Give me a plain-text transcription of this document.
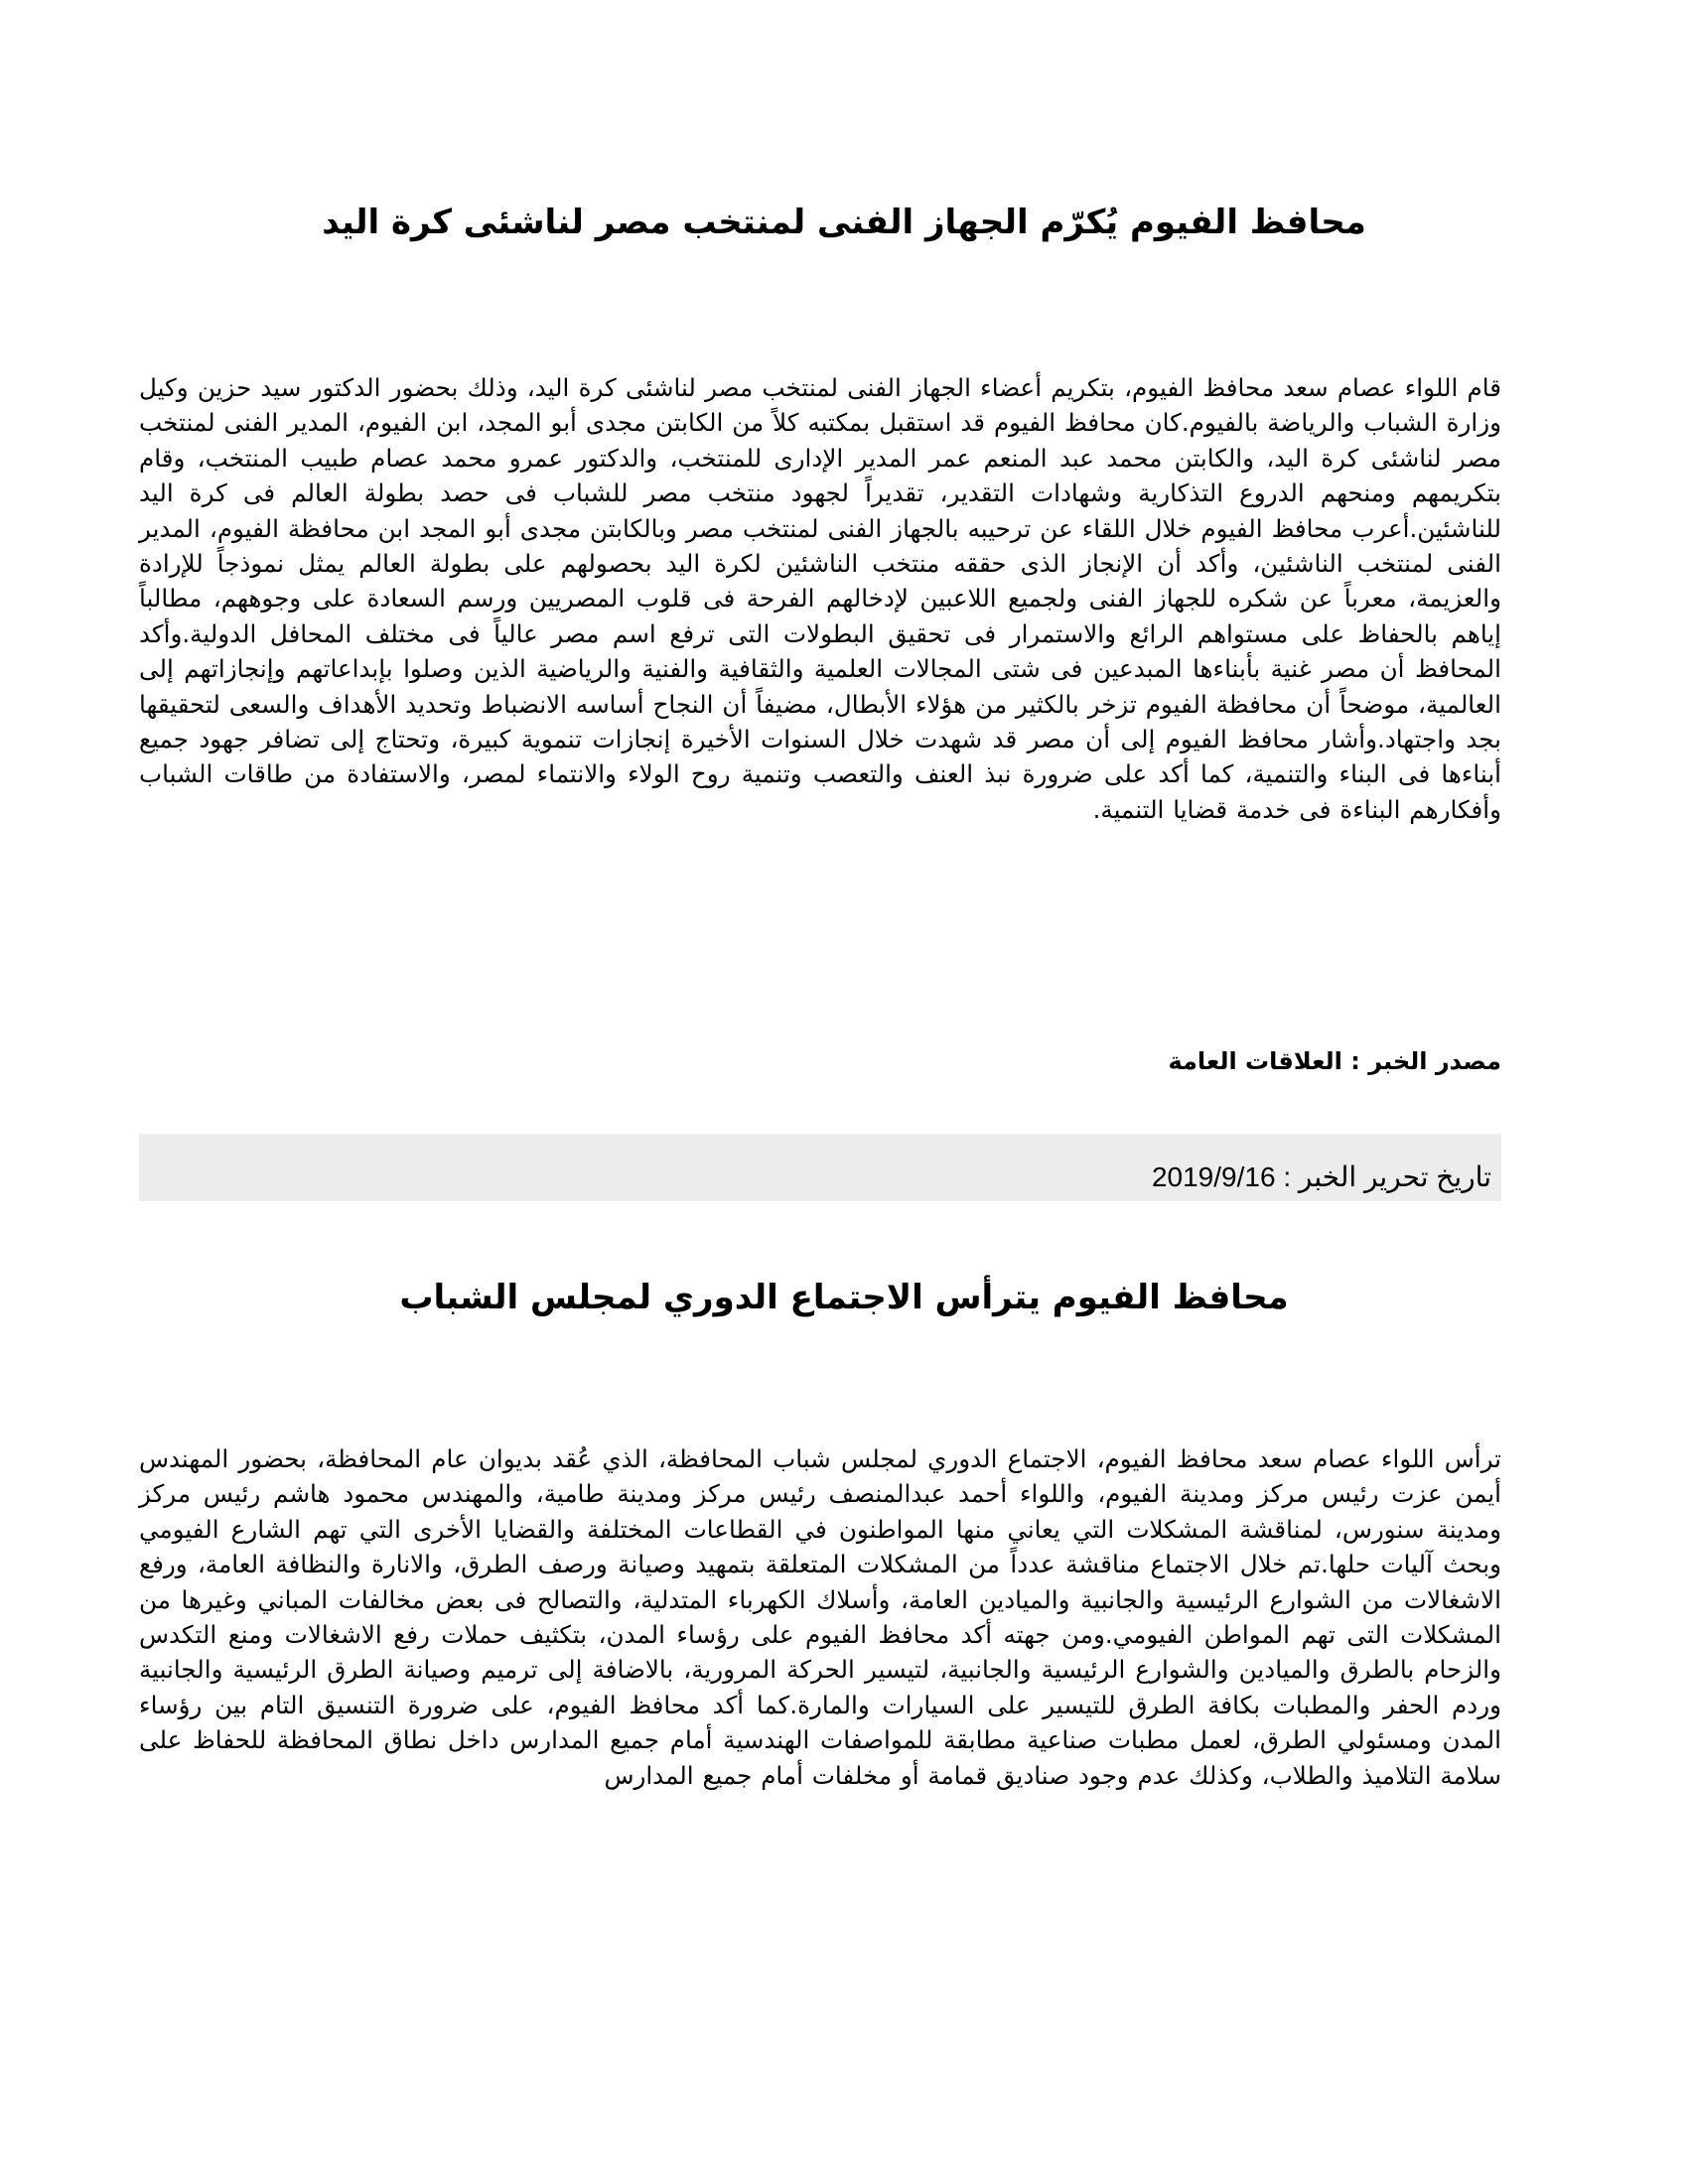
محافظ الفيوم يُكرّم الجهاز الفنى لمنتخب مصر لناشئى كرة اليد

قام اللواء عصام سعد محافظ الفيوم، بتكريم أعضاء الجهاز الفنى لمنتخب مصر لناشئى كرة اليد، وذلك بحضور الدكتور سيد حزين وكيل وزارة الشباب والرياضة بالفيوم.كان محافظ الفيوم قد استقبل بمكتبه كلاً من الكابتن مجدى أبو المجد، ابن الفيوم، المدير الفنى لمنتخب مصر لناشئى كرة اليد، والكابتن محمد عبد المنعم عمر المدير الإدارى للمنتخب، والدكتور عمرو محمد عصام طبيب المنتخب، وقام بتكريمهم ومنحهم الدروع التذكارية وشهادات التقدير، تقديراً لجهود منتخب مصر للشباب فى حصد بطولة العالم فى كرة اليد للناشئين.أعرب محافظ الفيوم خلال اللقاء عن ترحيبه بالجهاز الفنى لمنتخب مصر وبالكابتن مجدى أبو المجد ابن محافظة الفيوم، المدير الفنى لمنتخب الناشئين، وأكد أن الإنجاز الذى حققه منتخب الناشئين لكرة اليد بحصولهم على بطولة العالم يمثل نموذجاً للإرادة والعزيمة، معرباً عن شكره للجهاز الفنى ولجميع اللاعبين لإدخالهم الفرحة فى قلوب المصريين ورسم السعادة على وجوههم، مطالباً إياهم بالحفاظ على مستواهم الرائع والاستمرار فى تحقيق البطولات التى ترفع اسم مصر عالياً فى مختلف المحافل الدولية.وأكد المحافظ أن مصر غنية بأبناءها المبدعين فى شتى المجالات العلمية والثقافية والفنية والرياضية الذين وصلوا بإبداعاتهم وإنجازاتهم إلى العالمية، موضحاً أن محافظة الفيوم تزخر بالكثير من هؤلاء الأبطال، مضيفاً أن النجاح أساسه الانضباط وتحديد الأهداف والسعى لتحقيقها بجد واجتهاد.وأشار محافظ الفيوم إلى أن مصر قد شهدت خلال السنوات الأخيرة إنجازات تنموية كبيرة، وتحتاج إلى تضافر جهود جميع أبناءها فى البناء والتنمية، كما أكد على ضرورة نبذ العنف والتعصب وتنمية روح الولاء والانتماء لمصر، والاستفادة من طاقات الشباب وأفكارهم البناءة فى خدمة قضايا التنمية.

مصدر الخبر : العلاقات العامة

تاريخ تحرير الخبر : 2019/9/16
محافظ الفيوم يترأس الاجتماع الدوري لمجلس الشباب

ترأس اللواء عصام سعد محافظ الفيوم، الاجتماع الدوري لمجلس شباب المحافظة، الذي عُقد بديوان عام المحافظة، بحضور المهندس أيمن عزت رئيس مركز ومدينة الفيوم، واللواء أحمد عبدالمنصف رئيس مركز ومدينة طامية، والمهندس محمود هاشم رئيس مركز ومدينة سنورس، لمناقشة المشكلات التي يعاني منها المواطنون في القطاعات المختلفة والقضايا الأخرى التي تهم الشارع الفيومي وبحث آليات حلها.تم خلال الاجتماع مناقشة عدداً من المشكلات المتعلقة بتمهيد وصيانة ورصف الطرق، والانارة والنظافة العامة، ورفع الاشغالات من الشوارع الرئيسية والجانبية والميادين العامة، وأسلاك الكهرباء المتدلية، والتصالح فى بعض مخالفات المباني وغيرها من المشكلات التى تهم المواطن الفيومي.ومن جهته أكد محافظ الفيوم على رؤساء المدن، بتكثيف حملات رفع الاشغالات ومنع التكدس والزحام بالطرق والميادين والشوارع الرئيسية والجانبية، لتيسير الحركة المرورية، بالاضافة إلى ترميم وصيانة الطرق الرئيسية والجانبية وردم الحفر والمطبات بكافة الطرق للتيسير على السيارات والمارة.كما أكد محافظ الفيوم، على ضرورة التنسيق التام بين رؤساء المدن ومسئولي الطرق، لعمل مطبات صناعية مطابقة للمواصفات الهندسية أمام جميع المدارس داخل نطاق المحافظة للحفاظ على سلامة التلاميذ والطلاب، وكذلك عدم وجود صناديق قمامة أو مخلفات أمام جميع المدارس
